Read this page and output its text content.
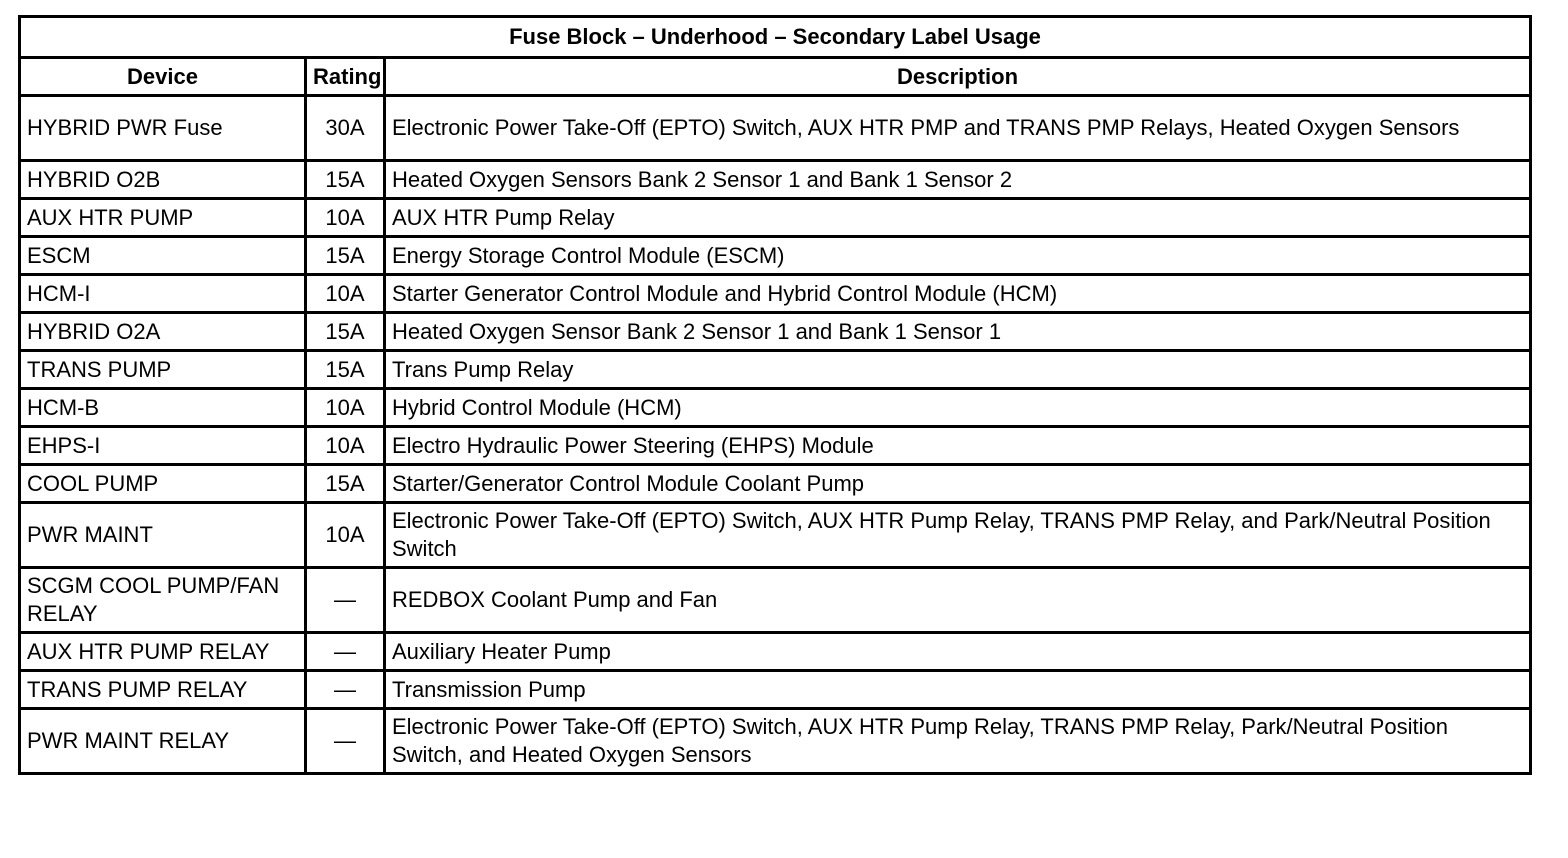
Fuse Block – Underhood – Secondary Label Usage		
Device	Rating	Description
HYBRID PWR Fuse	30A	Electronic Power Take-Off (EPTO) Switch, AUX HTR PMP and TRANS PMP Relays, Heated Oxygen Sensors
HYBRID O2B	15A	Heated Oxygen Sensors Bank 2 Sensor 1 and Bank 1 Sensor 2
AUX HTR PUMP	10A	AUX HTR Pump Relay
ESCM	15A	Energy Storage Control Module (ESCM)
HCM-I	10A	Starter Generator Control Module and Hybrid Control Module (HCM)
HYBRID O2A	15A	Heated Oxygen Sensor Bank 2 Sensor 1 and Bank 1 Sensor 1
TRANS PUMP	15A	Trans Pump Relay
HCM-B	10A	Hybrid Control Module (HCM)
EHPS-I	10A	Electro Hydraulic Power Steering (EHPS) Module
COOL PUMP	15A	Starter/Generator Control Module Coolant Pump
PWR MAINT	10A	Electronic Power Take-Off (EPTO) Switch, AUX HTR Pump Relay, TRANS PMP Relay, and Park/Neutral Position Switch
SCGM COOL PUMP/FAN RELAY	—	REDBOX Coolant Pump and Fan
AUX HTR PUMP RELAY	—	Auxiliary Heater Pump
TRANS PUMP RELAY	—	Transmission Pump
PWR MAINT RELAY	—	Electronic Power Take-Off (EPTO) Switch, AUX HTR Pump Relay, TRANS PMP Relay, Park/Neutral Position Switch, and Heated Oxygen Sensors
